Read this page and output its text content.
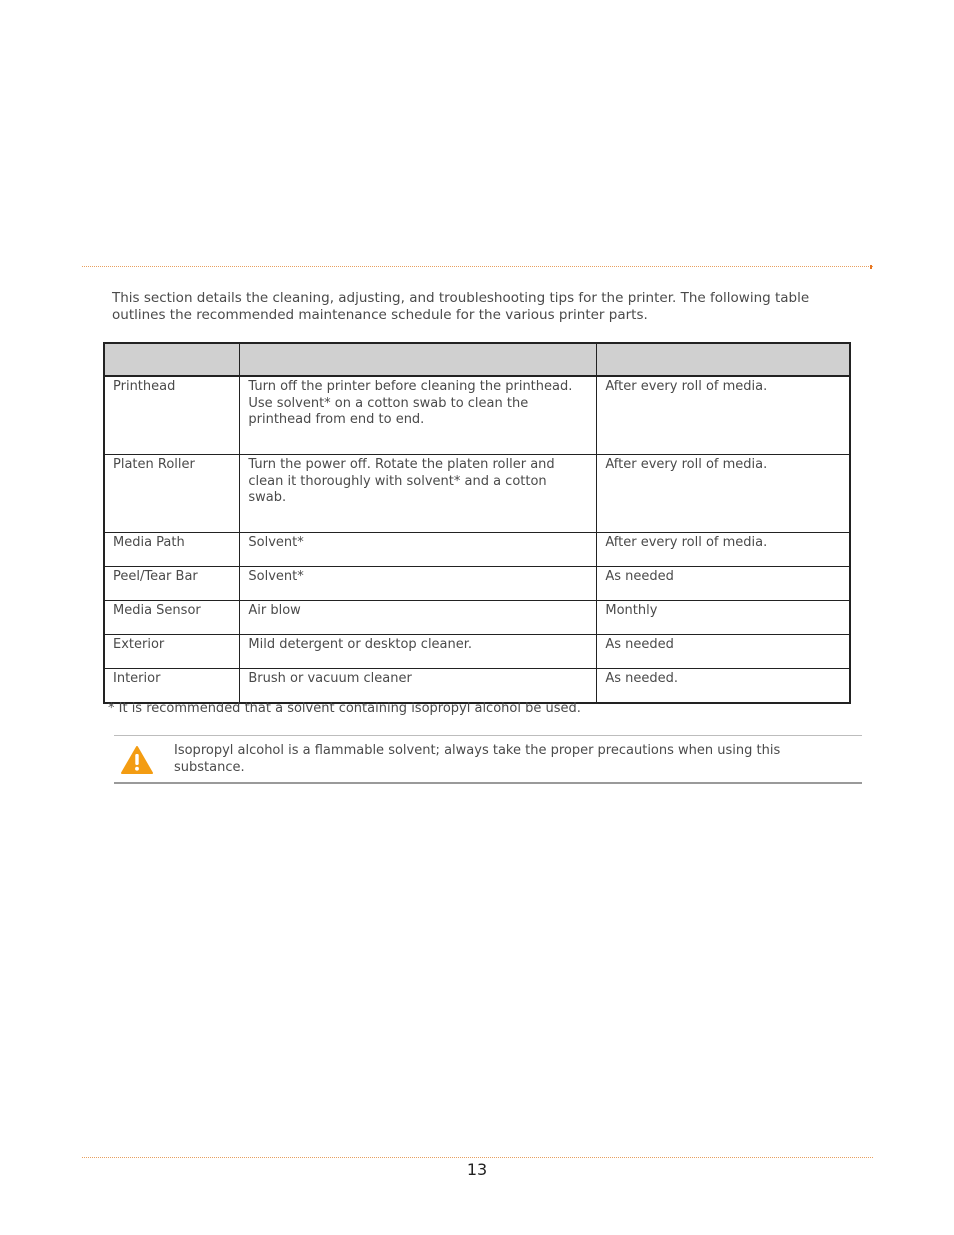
This section details the cleaning, adjusting, and troubleshooting tips for the printer. The following table outlines the recommended maintenance schedule for the various printer parts.

Printhead	Turn off the printer before cleaning the printhead. Use solvent* on a cotton swab to clean the printhead from end to end.	After every roll of media.
Platen Roller	Turn the power off. Rotate the platen roller and clean it thoroughly with solvent* and a cotton swab.	After every roll of media.
Media Path	Solvent*	After every roll of media.
Peel/Tear Bar	Solvent*	As needed
Media Sensor	Air blow	Monthly
Exterior	Mild detergent or desktop cleaner.	As needed
Interior	Brush or vacuum cleaner	As needed.
* It is recommended that a solvent containing isopropyl alcohol be used.
Isopropyl alcohol is a flammable solvent; always take the proper precautions when using this substance.
13
